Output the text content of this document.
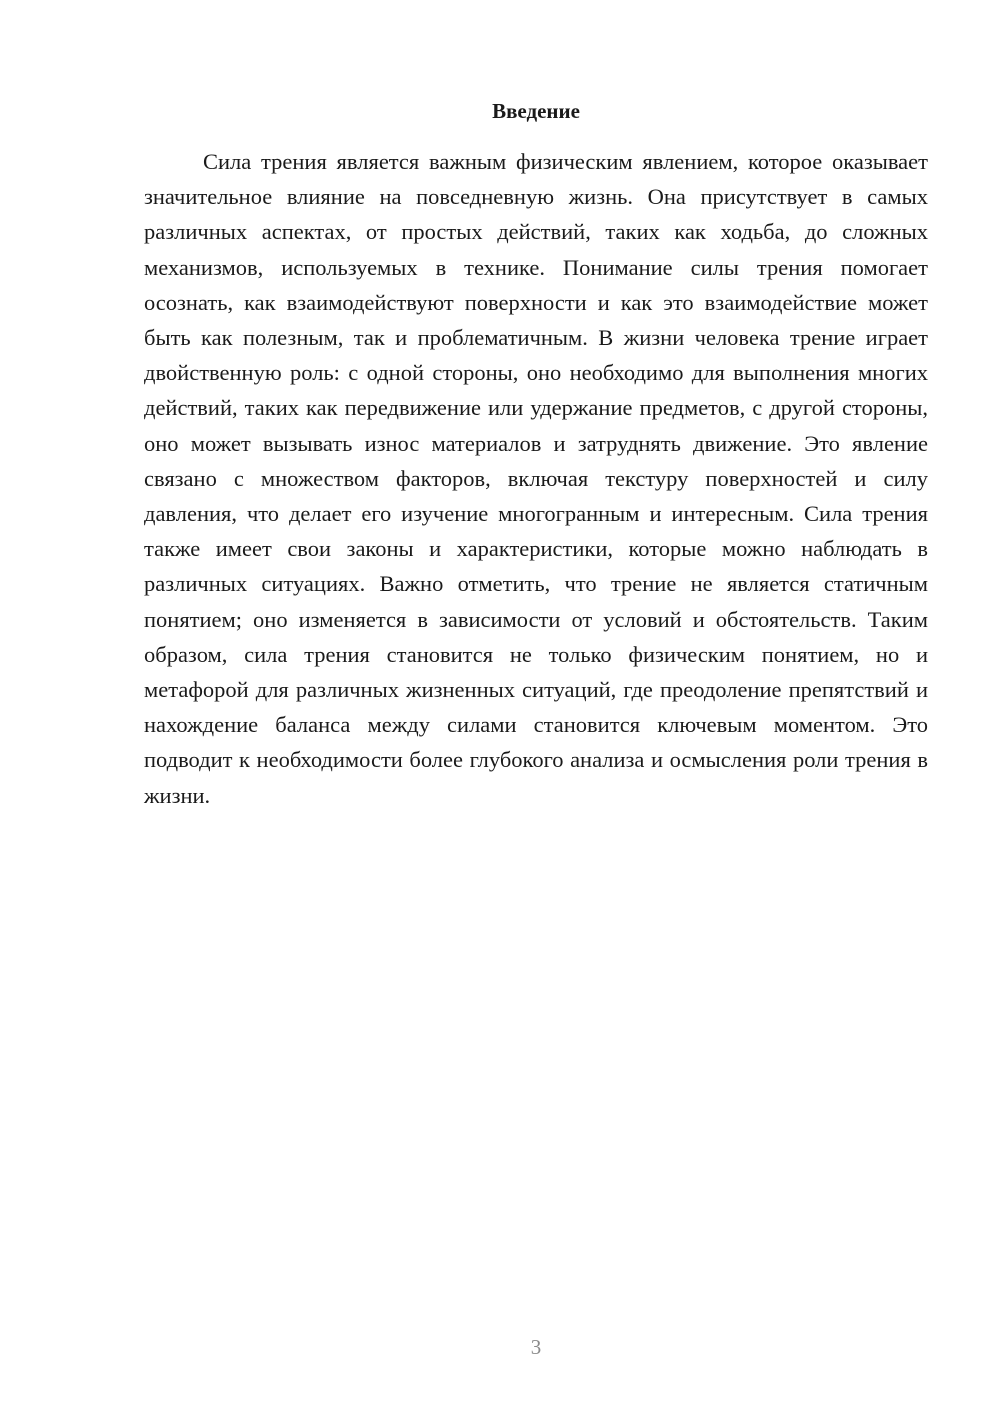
Введение

Сила трения является важным физическим явлением, которое оказывает значительное влияние на повседневную жизнь. Она присутствует в самых различных аспектах, от простых действий, таких как ходьба, до сложных механизмов, используемых в технике. Понимание силы трения помогает осознать, как взаимодействуют поверхности и как это взаимодействие может быть как полезным, так и проблематичным. В жизни человека трение играет двойственную роль: с одной стороны, оно необходимо для выполнения многих действий, таких как передвижение или удержание предметов, с другой стороны, оно может вызывать износ материалов и затруднять движение. Это явление связано с множеством факторов, включая текстуру поверхностей и силу давления, что делает его изучение многогранным и интересным. Сила трения также имеет свои законы и характеристики, которые можно наблюдать в различных ситуациях. Важно отметить, что трение не является статичным понятием; оно изменяется в зависимости от условий и обстоятельств. Таким образом, сила трения становится не только физическим понятием, но и метафорой для различных жизненных ситуаций, где преодоление препятствий и нахождение баланса между силами становится ключевым моментом. Это подводит к необходимости более глубокого анализа и осмысления роли трения в жизни.

3
